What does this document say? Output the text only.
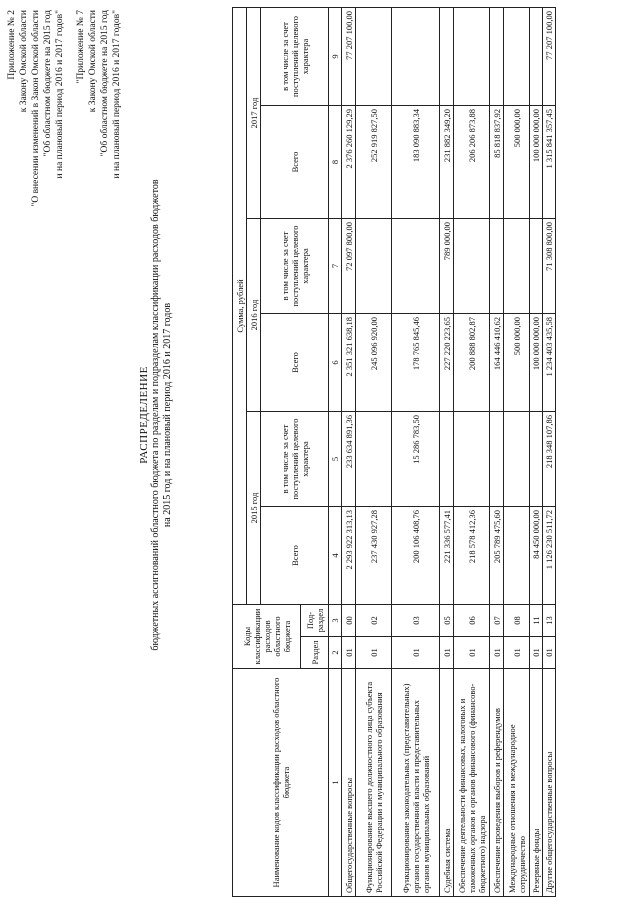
Приложение № 2 к Закону Омской области "О внесении изменений в Закон Омской области "Об областном бюджете на 2015 год и на плановый период 2016 и 2017 годов" "Приложение № 7 к Закону Омской области "Об областном бюджете на 2015 год и на плановый период 2016 и 2017 годов"
РАСПРЕДЕЛЕНИЕ бюджетных ассигнований областного бюджета по разделам и подразделам классификации расходов бюджетов на 2015 год и на плановый период 2016 и 2017 годов
Наименование кодов классификации расходов областного бюджета	Коды классификации расходов областного бюджета		Сумма, рублей					
			2015 год		2016 год		2017 год	
			Всего	в том числе за счет поступлений целевого характера	Всего	в том числе за счет поступлений целевого характера	Всего	в том числе за счет поступлений целевого характера
	Раздел	Под-раздел						
1	2	3	4	5	6	7	8	9
Общегосударственные вопросы	01	00	2 293 922 313,13	233 634 891,36	2 351 321 638,18	72 097 800,00	2 376 260 129,29	77 207 100,00
Функционирование высшего должностного лица субъекта Российской Федерации и муниципального образования	01	02	237 430 927,28		245 096 920,00		252 919 827,50	
Функционирование законодательных (представительных) органов государственной власти и представительных органов муниципальных образований	01	03	200 106 408,76	15 286 783,50	178 765 845,46		183 090 883,34	
Судебная система	01	05	221 336 577,41		227 220 223,65	789 000,00	231 882 349,20	
Обеспечение деятельности финансовых, налоговых и таможенных органов и органов финансового (финансово-бюджетного) надзора	01	06	218 578 412,36		200 888 802,87		206 206 873,88	
Обеспечение проведения выборов и референдумов	01	07	205 789 475,60		164 446 410,62		85 818 837,92	
Международные отношения и международное сотрудничество	01	08			500 000,00		500 000,00	
Резервные фонды	01	11	84 450 000,00		100 000 000,00		100 000 000,00	
Другие общегосударственные вопросы	01	13	1 126 230 511,72	218 348 107,86	1 234 403 435,58	71 308 800,00	1 315 841 357,45	77 207 100,00
